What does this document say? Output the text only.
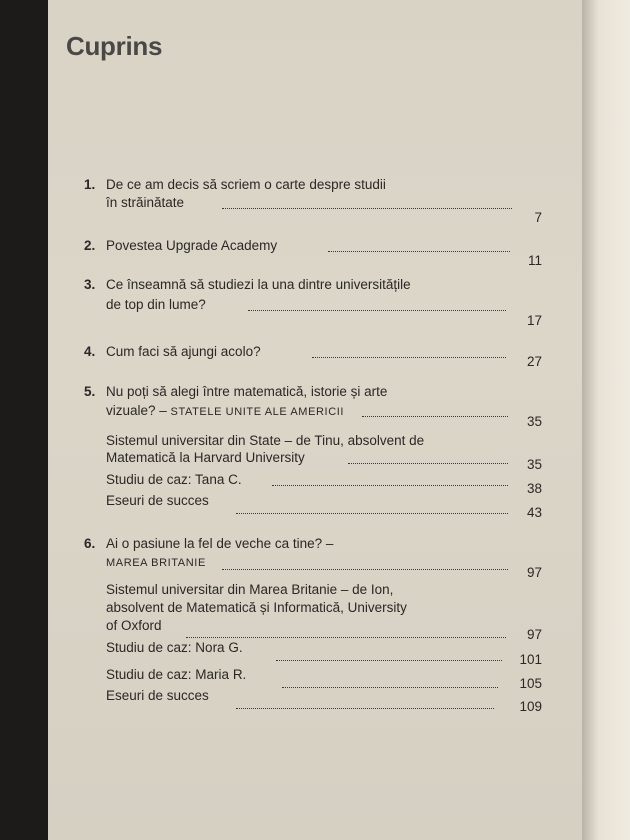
Cuprins
1. De ce am decis să scriem o carte despre studii
în străinătate
7
2. Povestea Upgrade Academy
11
3. Ce înseamnă să studiezi la una dintre universitățile
de top din lume?
17
4. Cum faci să ajungi acolo?
27
5. Nu poți să alegi între matematică, istorie și arte
vizuale? – STATELE UNITE ALE AMERICII
35
Sistemul universitar din State – de Tinu, absolvent de
Matematică la Harvard University	35
Studiu de caz: Tana C.
38
Eseuri de succes
43
6. Ai o pasiune la fel de veche ca tine? –
MAREA BRITANIE
97
Sistemul universitar din Marea Britanie – de Ion,
absolvent de Matematică și Informatică, University
of Oxford
97
Studiu de caz: Nora G.
101
Studiu de caz: Maria R.
105
Eseuri de succes
109
